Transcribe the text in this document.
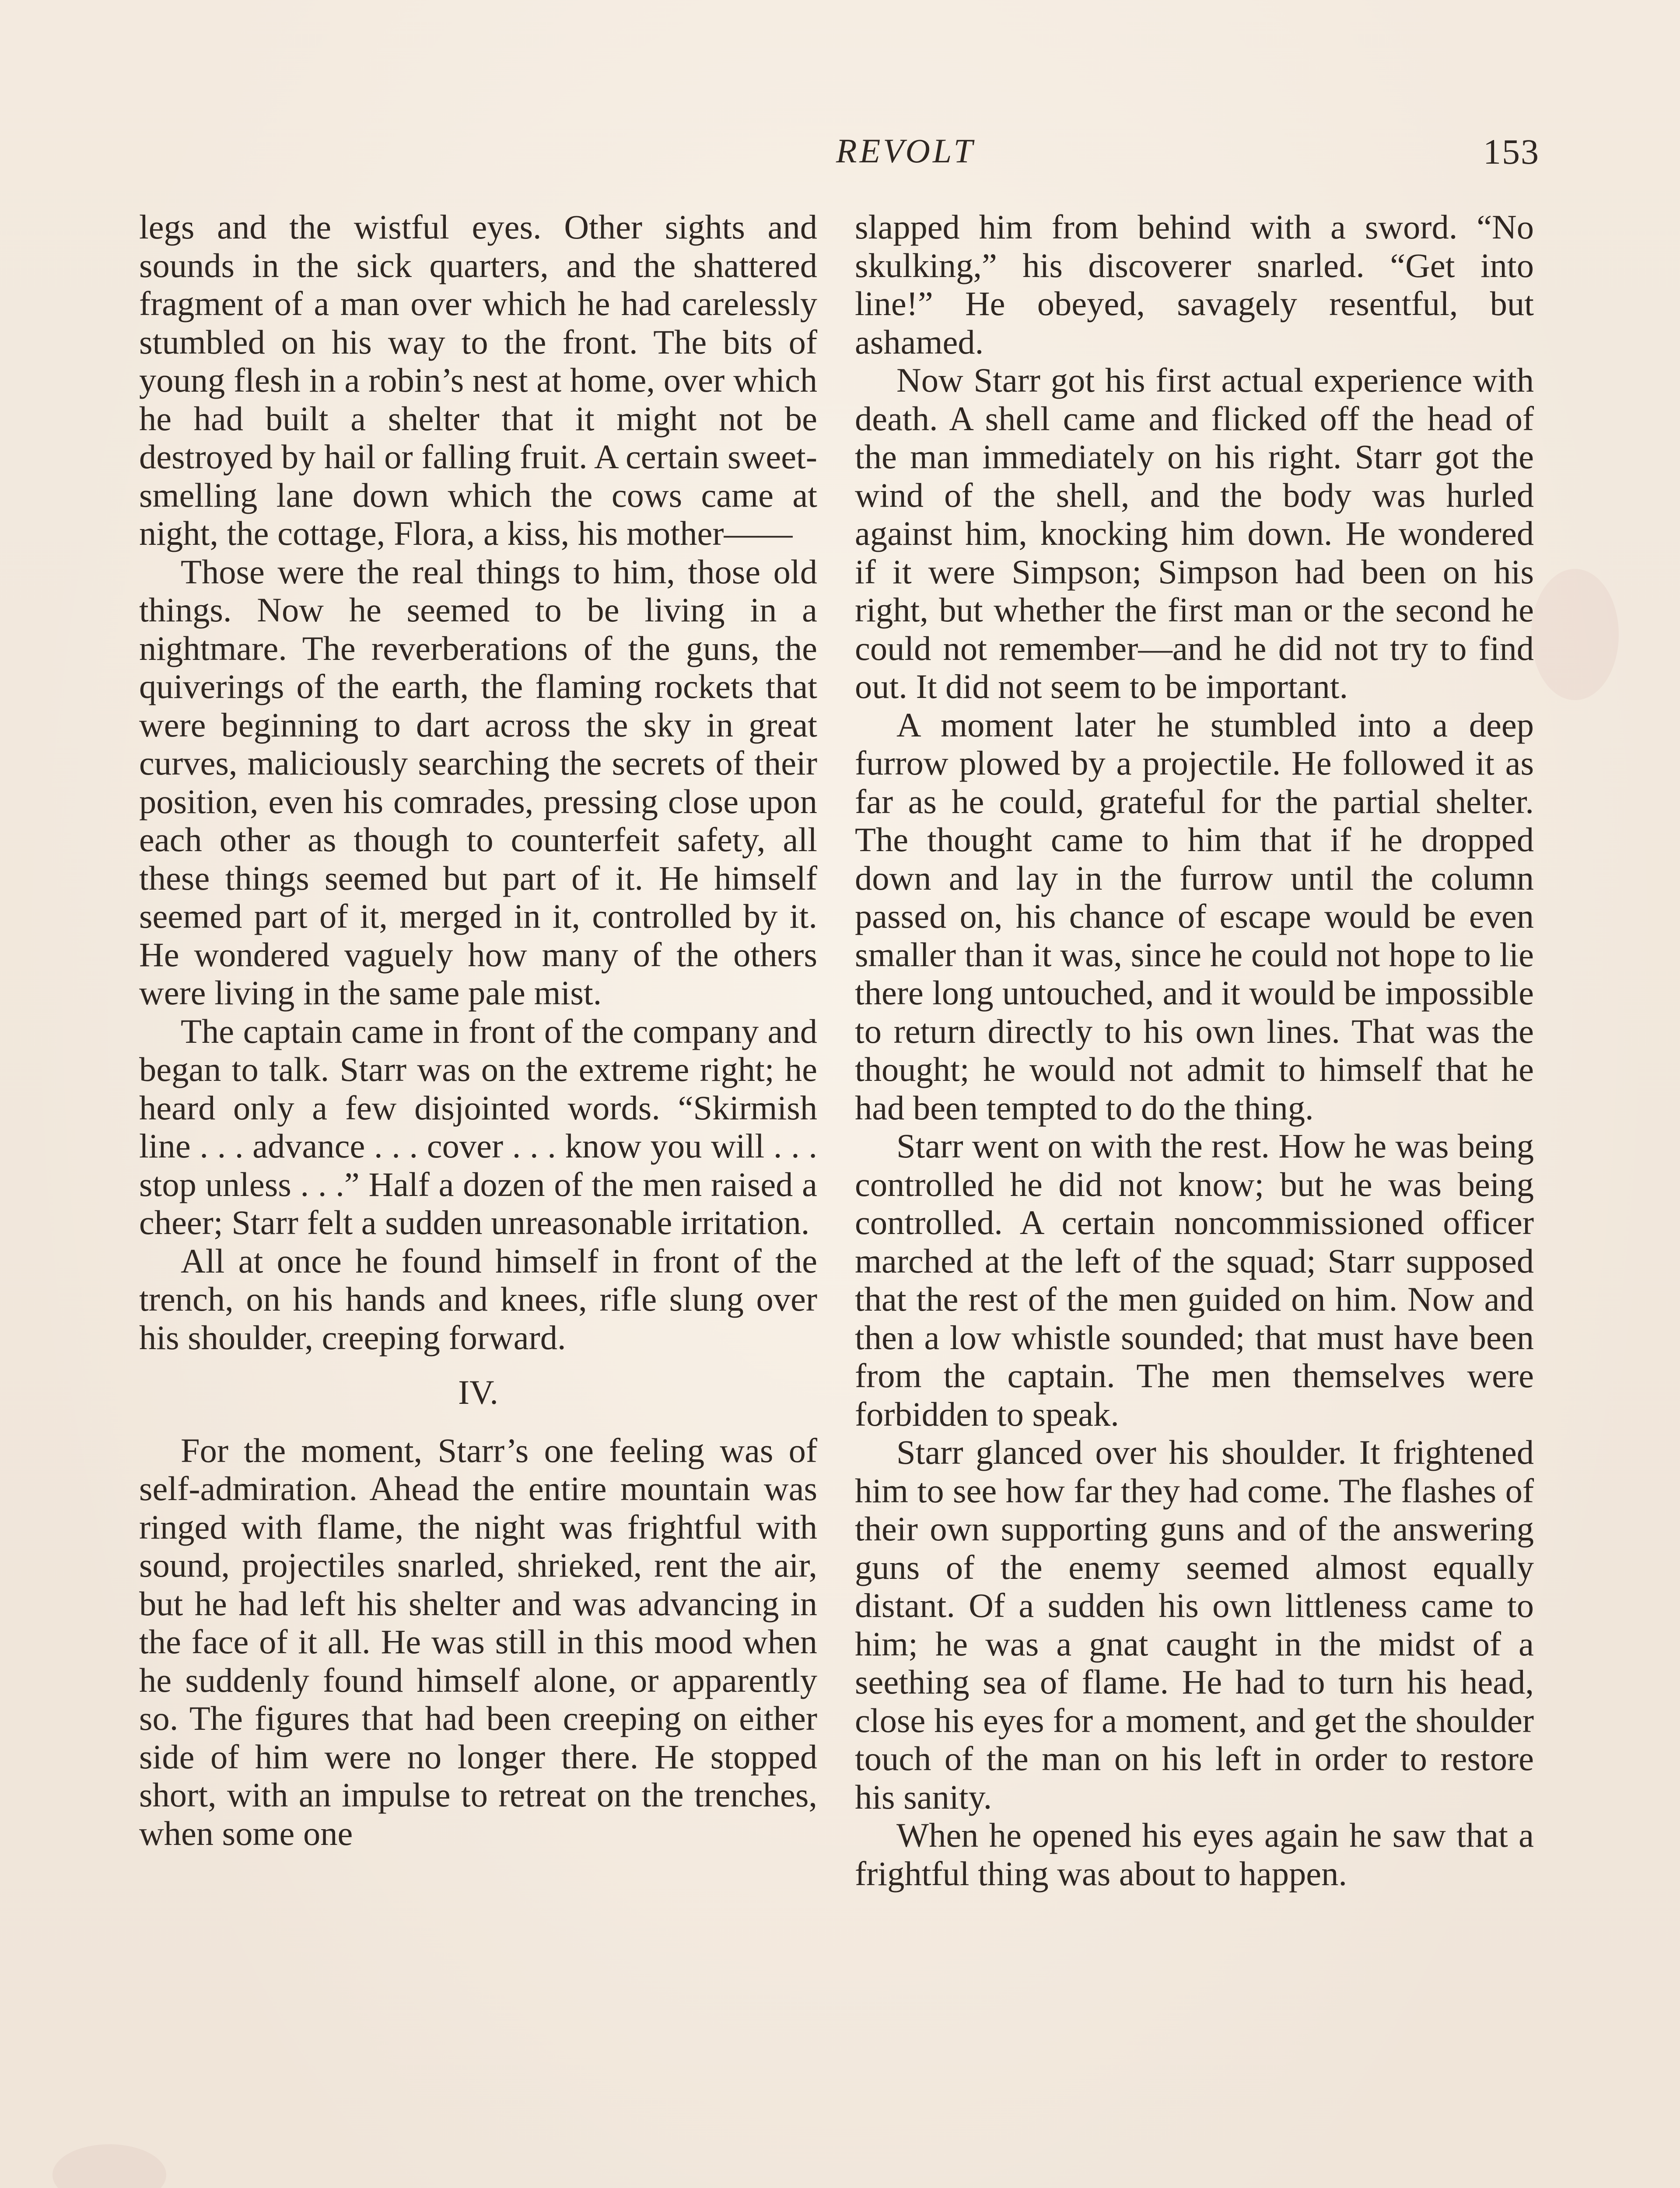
REVOLT	153

legs and the wistful eyes. Other sights and sounds in the sick quarters, and the shattered fragment of a man over which he had carelessly stumbled on his way to the front. The bits of young flesh in a robin’s nest at home, over which he had built a shelter that it might not be destroyed by hail or falling fruit. A certain sweet-smelling lane down which the cows came at night, the cottage, Flora, a kiss, his mother——

Those were the real things to him, those old things. Now he seemed to be living in a nightmare. The reverberations of the guns, the quiverings of the earth, the flaming rockets that were beginning to dart across the sky in great curves, maliciously searching the secrets of their position, even his comrades, pressing close upon each other as though to counterfeit safety, all these things seemed but part of it. He himself seemed part of it, merged in it, controlled by it. He wondered vaguely how many of the others were living in the same pale mist.

The captain came in front of the company and began to talk. Starr was on the extreme right; he heard only a few disjointed words. “Skirmish line . . . advance . . . cover . . . know you will . . . stop unless . . .” Half a dozen of the men raised a cheer; Starr felt a sudden unreasonable irritation.

All at once he found himself in front of the trench, on his hands and knees, rifle slung over his shoulder, creeping forward.

IV.

For the moment, Starr’s one feeling was of self-admiration. Ahead the entire mountain was ringed with flame, the night was frightful with sound, projectiles snarled, shrieked, rent the air, but he had left his shelter and was advancing in the face of it all. He was still in this mood when he suddenly found himself alone, or apparently so. The figures that had been creeping on either side of him were no longer there. He stopped short, with an impulse to retreat on the trenches, when some one

slapped him from behind with a sword. “No skulking,” his discoverer snarled. “Get into line!” He obeyed, savagely resentful, but ashamed.

Now Starr got his first actual experience with death. A shell came and flicked off the head of the man immediately on his right. Starr got the wind of the shell, and the body was hurled against him, knocking him down. He wondered if it were Simpson; Simpson had been on his right, but whether the first man or the second he could not remember—and he did not try to find out. It did not seem to be important.

A moment later he stumbled into a deep furrow plowed by a projectile. He followed it as far as he could, grateful for the partial shelter. The thought came to him that if he dropped down and lay in the furrow until the column passed on, his chance of escape would be even smaller than it was, since he could not hope to lie there long untouched, and it would be impossible to return directly to his own lines. That was the thought; he would not admit to himself that he had been tempted to do the thing.

Starr went on with the rest. How he was being controlled he did not know; but he was being controlled. A certain noncommissioned officer marched at the left of the squad; Starr supposed that the rest of the men guided on him. Now and then a low whistle sounded; that must have been from the captain. The men themselves were forbidden to speak.

Starr glanced over his shoulder. It frightened him to see how far they had come. The flashes of their own supporting guns and of the answering guns of the enemy seemed almost equally distant. Of a sudden his own littleness came to him; he was a gnat caught in the midst of a seething sea of flame. He had to turn his head, close his eyes for a moment, and get the shoulder touch of the man on his left in order to restore his sanity.

When he opened his eyes again he saw that a frightful thing was about to happen.
